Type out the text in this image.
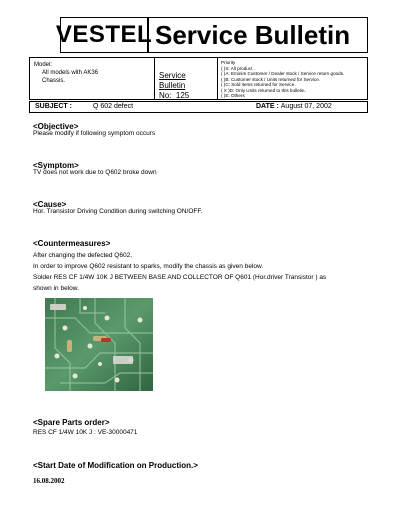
VESTEL Service Bulletin
Model:
All models with AK36
Chassis.
Service
Bulletin No: 125
Priority
( )S: All product .
( )A: Eminim Customer / Dealer stock / Service return goods.
( )B: Customer stock / Units returned for Service.
( )C: Sold items returned for Service.
( X )D: Only Units returned to this bulletin.
( )E: Others
SUBJECT :	Q 602 defect	DATE : August 07, 2002
<Objective>
Please modify if following symptom occurs
<Symptom>
TV does not work due to Q602 broke down
<Cause>
Hor. Transistor Driving Condition during switching ON/OFF.
<Countermeasures>
After changing the defected Q602,
In order to improve Q602 resistant to sparks, modify the chassis as given below.
Solder RES CF 1/4W 10K J BETWEEN BASE AND COLLECTOR OF Q601 (Hor.driver Transistor ) as
shown in below.
<Spare Parts order>
RES CF 1/4W 10K J : VE-30000471
<Start Date of Modification on Production.>
16.08.2002
